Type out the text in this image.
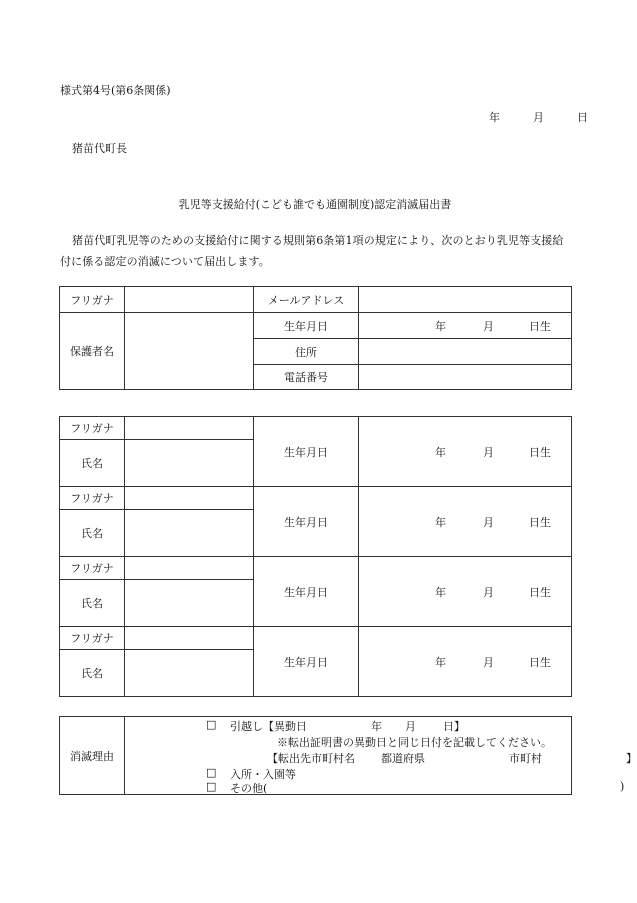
様式第4号(第6条関係)
年	月	日
猪苗代町長
乳児等支援給付(こども誰でも通園制度)認定消滅届出書
猪苗代町乳児等のための支援給付に関する規則第6条第1項の規定により、次のとおり乳児等支援給付に係る認定の消滅について届出します。
フリガナ		メールアドレス	
保護者名		生年月日	年 月 日生

		住所	
		電話番号	
フリガナ		生年月日	年 月 日生

氏名			
フリガナ		生年月日	年 月 日生

氏名			
フリガナ		生年月日	年 月 日生

氏名			
フリガナ		生年月日	年 月 日生

氏名			
消滅理由	
□ 引越し【異動日	年 月 日】
※転出証明書の異動日と同じ日付を記載してください。
【転出先市町村名 都道府県	市町村	】
□ 入所・入園等
□ その他(	)
